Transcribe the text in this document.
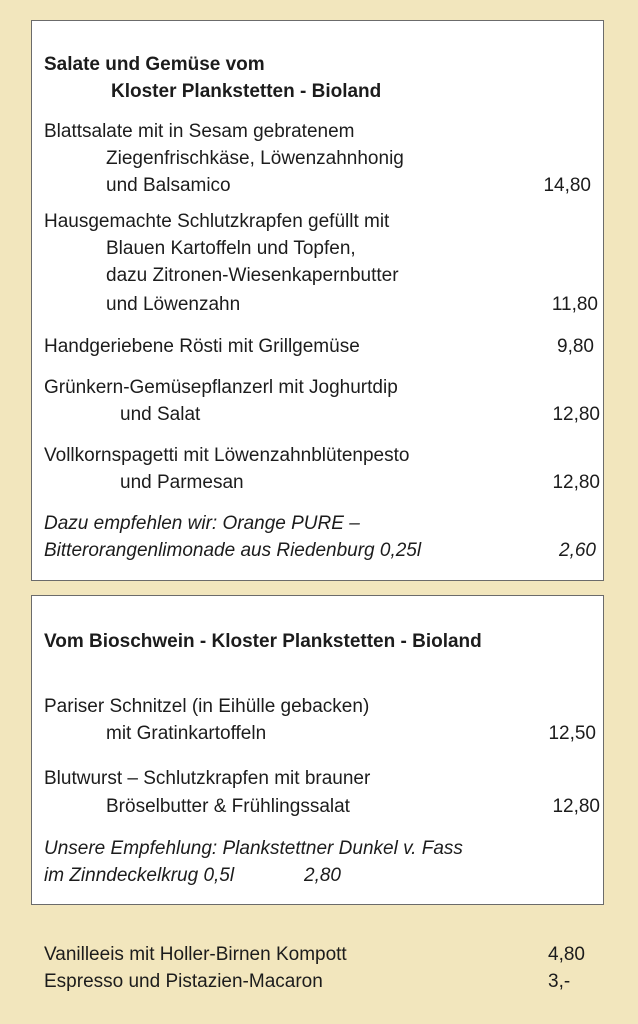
Salate und Gemüse vom
Kloster Plankstetten - Bioland
Blattsalate mit in Sesam gebratenem
Ziegenfrischkäse, Löwenzahnhonig
und Balsamico	14,80
Hausgemachte Schlutzkrapfen gefüllt mit
Blauen Kartoffeln und Topfen,
dazu Zitronen-Wiesenkapernbutter
und Löwenzahn	11,80
Handgeriebene Rösti mit Grillgemüse	9,80
Grünkern-Gemüsepflanzerl mit Joghurtdip
und Salat	12,80
Vollkornspagetti mit Löwenzahnblütenpesto
und Parmesan	12,80
Dazu empfehlen wir: Orange PURE –
Bitterorangenlimonade aus Riedenburg 0,25l	2,60
Vom Bioschwein - Kloster Plankstetten - Bioland
Pariser Schnitzel (in Eihülle gebacken)
mit Gratinkartoffeln	12,50
Blutwurst – Schlutzkrapfen mit brauner
Bröselbutter & Frühlingssalat	12,80
Unsere Empfehlung: Plankstettner Dunkel v. Fass
im Zinndeckelkrug 0,5l	2,80
Vanilleeis mit Holler-Birnen Kompott	4,80
Espresso und Pistazien-Macaron	3,-
